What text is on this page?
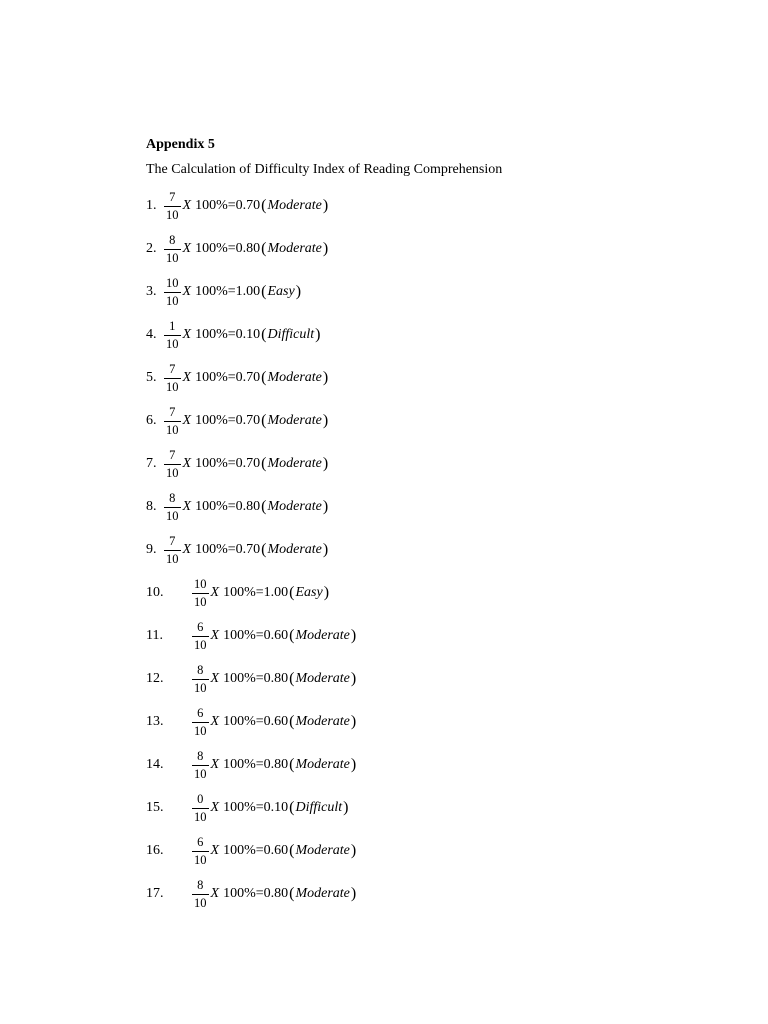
Appendix 5
The Calculation of Difficulty Index of Reading Comprehension
1. $\frac{7}{10}$ X 100 % = 0.70 ( Moderate )
2. $\frac{8}{10}$ X 100 % = 0.80 ( Moderate )
3. $\frac{10}{10}$ X 100 % = 1.00 ( Easy )
4. $\frac{1}{10}$ X 100 % = 0.10 ( Difficult )
5. $\frac{7}{10}$ X 100 % = 0.70 ( Moderate )
6. $\frac{7}{10}$ X 100 % = 0.70 ( Moderate )
7. $\frac{7}{10}$ X 100 % = 0.70 ( Moderate )
8. $\frac{8}{10}$ X 100 % = 0.80 ( Moderate )
9. $\frac{7}{10}$ X 100 % = 0.70 ( Moderate )
10. $\frac{10}{10}$ X 100 % = 1.00 ( Easy )
11. $\frac{6}{10}$ X 100 % = 0.60 ( Moderate )
12. $\frac{8}{10}$ X 100 % = 0.80 ( Moderate )
13. $\frac{6}{10}$ X 100 % = 0.60 ( Moderate )
14. $\frac{8}{10}$ X 100 % = 0.80 ( Moderate )
15. $\frac{0}{10}$ X 100 % = 0.10 ( Difficult )
16. $\frac{6}{10}$ X 100 % = 0.60 ( Moderate )
17. $\frac{8}{10}$ X 100 % = 0.80 ( Moderate )
